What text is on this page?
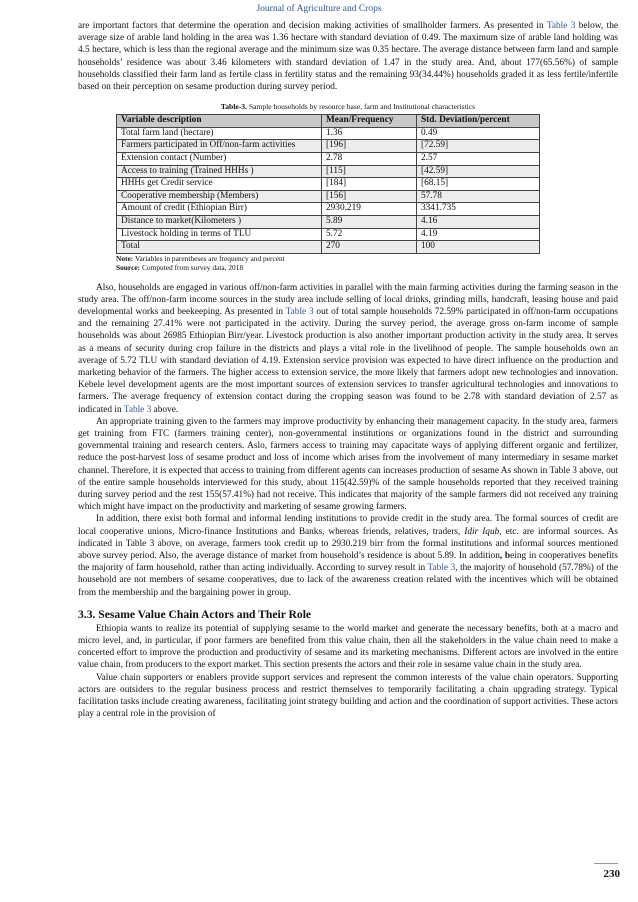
Journal of Agriculture and Crops

are important factors that determine the operation and decision making activities of smallholder farmers. As presented in Table 3 below, the average size of arable land holding in the area was 1.36 hectare with standard deviation of 0.49. The maximum size of arable land holding was 4.5 hectare, which is less than the regional average and the minimum size was 0.35 hectare. The average distance between farm land and sample households’ residence was about 3.46 kilometers with standard deviation of 1.47 in the study area. And, about 177(65.56%) of sample households classified their farm land as fertile class in fertility status and the remaining 93(34.44%) households graded it as less fertile/infertile based on their perception on sesame production during survey period.

Table-3. Sample households by resource base, farm and Institutional characteristics
Variable description	Mean/Frequency	Std. Deviation/percent
Total farm land (hectare)	1.36	0.49
Farmers participated in Off/non-farm activities	[196]	[72.59]
Extension contact (Number)	2.78	2.57
Access to training (Trained HHHs )	[115]	[42.59]
HHHs get Credit service	[184]	[68.15]
Cooperative membership (Members)	[156]	57.78
Amount of credit (Ethiopian Birr)	2930.219	3341.735
Distance to market(Kilometers )	5.89	4.16
Livestock holding in terms of TLU	5.72	4.19
Total	270	100
Note: Variables in parentheses are frequency and percent
Source: Computed from survey data, 2018

Also, households are engaged in various off/non-farm activities in parallel with the main farming activities during the farming season in the study area. The off/non-farm income sources in the study area include selling of local drinks, grinding mills, handcraft, leasing house and paid developmental works and beekeeping. As presented in Table 3 out of total sample households 72.59% participated in off/non-farm occupations and the remaining 27.41% were not participated in the activity. During the survey period, the average gross on-farm income of sample households was about 26985 Ethiopian Birr/year. Livestock production is also another important production activity in the study area. It serves as a means of security during crop failure in the districts and plays a vital role in the livelihood of people. The sample households own an average of 5.72 TLU with standard deviation of 4.19. Extension service provision was expected to have direct influence on the production and marketing behavior of the farmers. The higher access to extension service, the more likely that farmers adopt new technologies and innovation. Kebele level development agents are the most important sources of extension services to transfer agricultural technologies and innovations to farmers. The average frequency of extension contact during the cropping season was found to be 2.78 with standard deviation of 2.57 as indicated in Table 3 above.

An appropriate training given to the farmers may improve productivity by enhancing their management capacity. In the study area, farmers get training from FTC (farmers training center), non-governmental institutions or organizations found in the district and surrounding governmental training and research centers. Aslo, farmers access to training may capacitate ways of applying different organic and fertilizer, reduce the post-harvest loss of sesame product and loss of income which arises from the involvement of many intermediary in sesame market channel. Therefore, it is expected that access to training from different agents can increases production of sesame As shown in Table 3 above, out of the entire sample households interviewed for this study, about 115(42.59)% of the sample households reported that they received training during survey period and the rest 155(57.41%) had not receive. This indicates that majority of the sample farmers did not received any training which might have impact on the productivity and marketing of sesame growing farmers.

In addition, there exist both formal and informal lending institutions to provide credit in the study area. The formal sources of credit are local cooperative unions, Micro-finance Institutions and Banks, whereas friends, relatives, traders, Idir Iqub, etc. are informal sources. As indicated in Table 3 above, on average, farmers took credit up to 2930.219 birr from the formal institutions and informal sources mentioned above survey period. Also, the average distance of market from household’s residence is about 5.89. In addition, being in cooperatives benefits the majority of farm household, rather than acting individually. According to survey result in Table 3, the majority of household (57.78%) of the household are not members of sesame cooperatives, due to lack of the awareness creation related with the incentives which will be obtained from the membership and the bargaining power in group.

3.3. Sesame Value Chain Actors and Their Role

Ethiopia wants to realize its potential of supplying sesame to the world market and generate the necessary benefits, both at a macro and micro level, and, in particular, if poor farmers are benefited from this value chain, then all the stakeholders in the value chain need to make a concerted effort to improve the production and productivity of sesame and its marketing mechanisms. Different actors are involved in the entire value chain, from producers to the export market. This section presents the actors and their role in sesame value chain in the study area.

Value chain supporters or enablers provide support services and represent the common interests of the value chain operators. Supporting actors are outsiders to the regular business process and restrict themselves to temporarily facilitating a chain upgrading strategy. Typical facilitation tasks include creating awareness, facilitating joint strategy building and action and the coordination of support activities. These actors play a central role in the provision of

230
